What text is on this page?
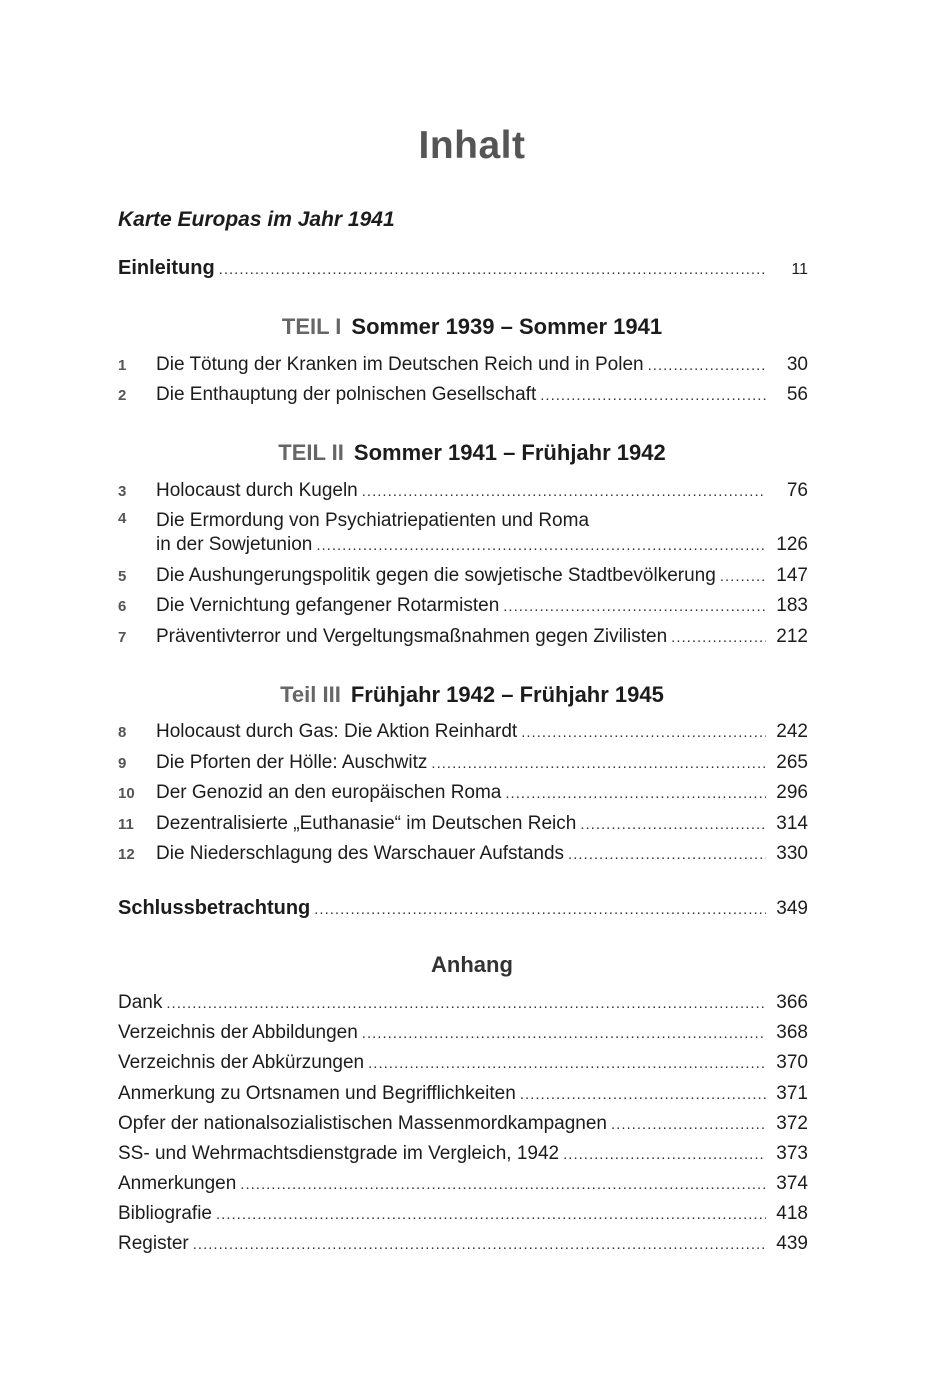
Inhalt
Karte Europas im Jahr 1941
Einleitung .....	11
TEIL I Sommer 1939 – Sommer 1941
1	Die Tötung der Kranken im Deutschen Reich und in Polen .....	30
2	Die Enthauptung der polnischen Gesellschaft .....	56
TEIL II Sommer 1941 – Frühjahr 1942
3	Holocaust durch Kugeln .....	76
4 Die Ermordung von Psychiatriepatienten und Roma
in der Sowjetunion .....	126
5	Die Aushungerungspolitik gegen die sowjetische Stadtbevölkerung .....	147
6	Die Vernichtung gefangener Rotarmisten .....	183
7	Präventivterror und Vergeltungsmaßnahmen gegen Zivilisten .....	212
Teil III Frühjahr 1942 – Frühjahr 1945
8	Holocaust durch Gas: Die Aktion Reinhardt .....	242
9	Die Pforten der Hölle: Auschwitz .....	265
10	Der Genozid an den europäischen Roma .....	296
11	Dezentralisierte „Euthanasie“ im Deutschen Reich .....	314
12	Die Niederschlagung des Warschauer Aufstands .....	330
Schlussbetrachtung .....	349
Anhang
Dank .....	366
Verzeichnis der Abbildungen .....	368
Verzeichnis der Abkürzungen .....	370
Anmerkung zu Ortsnamen und Begrifflichkeiten .....	371
Opfer der nationalsozialistischen Massenmordkampagnen .....	372
SS- und Wehrmachtsdienstgrade im Vergleich, 1942 .....	373
Anmerkungen .....	374
Bibliografie .....	418
Register .....	439
